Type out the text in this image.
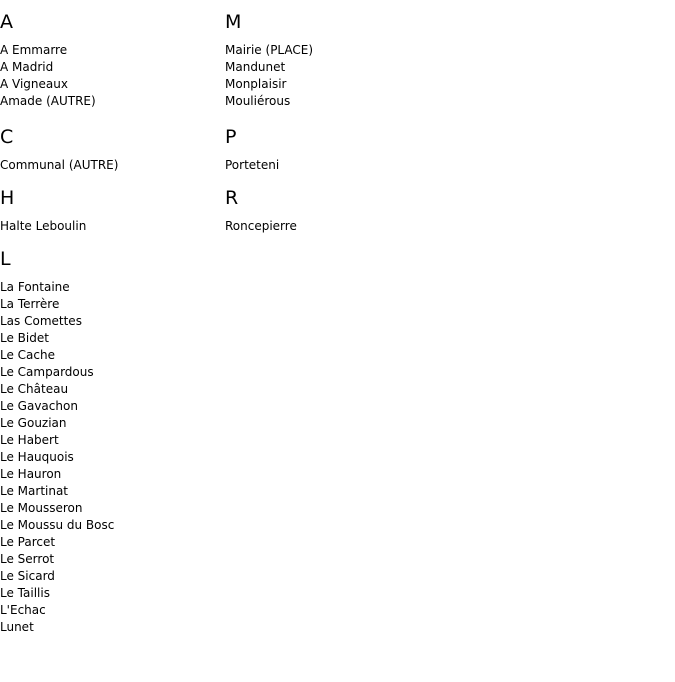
A
A Emmarre
A Madrid
A Vigneaux
Amade (AUTRE)
C
Communal (AUTRE)
H
Halte Leboulin
L
La Fontaine
La Terrère
Las Comettes
Le Bidet
Le Cache
Le Campardous
Le Château
Le Gavachon
Le Gouzian
Le Habert
Le Hauquois
Le Hauron
Le Martinat
Le Mousseron
Le Moussu du Bosc
Le Parcet
Le Serrot
Le Sicard
Le Taillis
L'Echac
Lunet
M
Mairie (PLACE)
Mandunet
Monplaisir
Mouliérous
P
Porteteni
R
Roncepierre
